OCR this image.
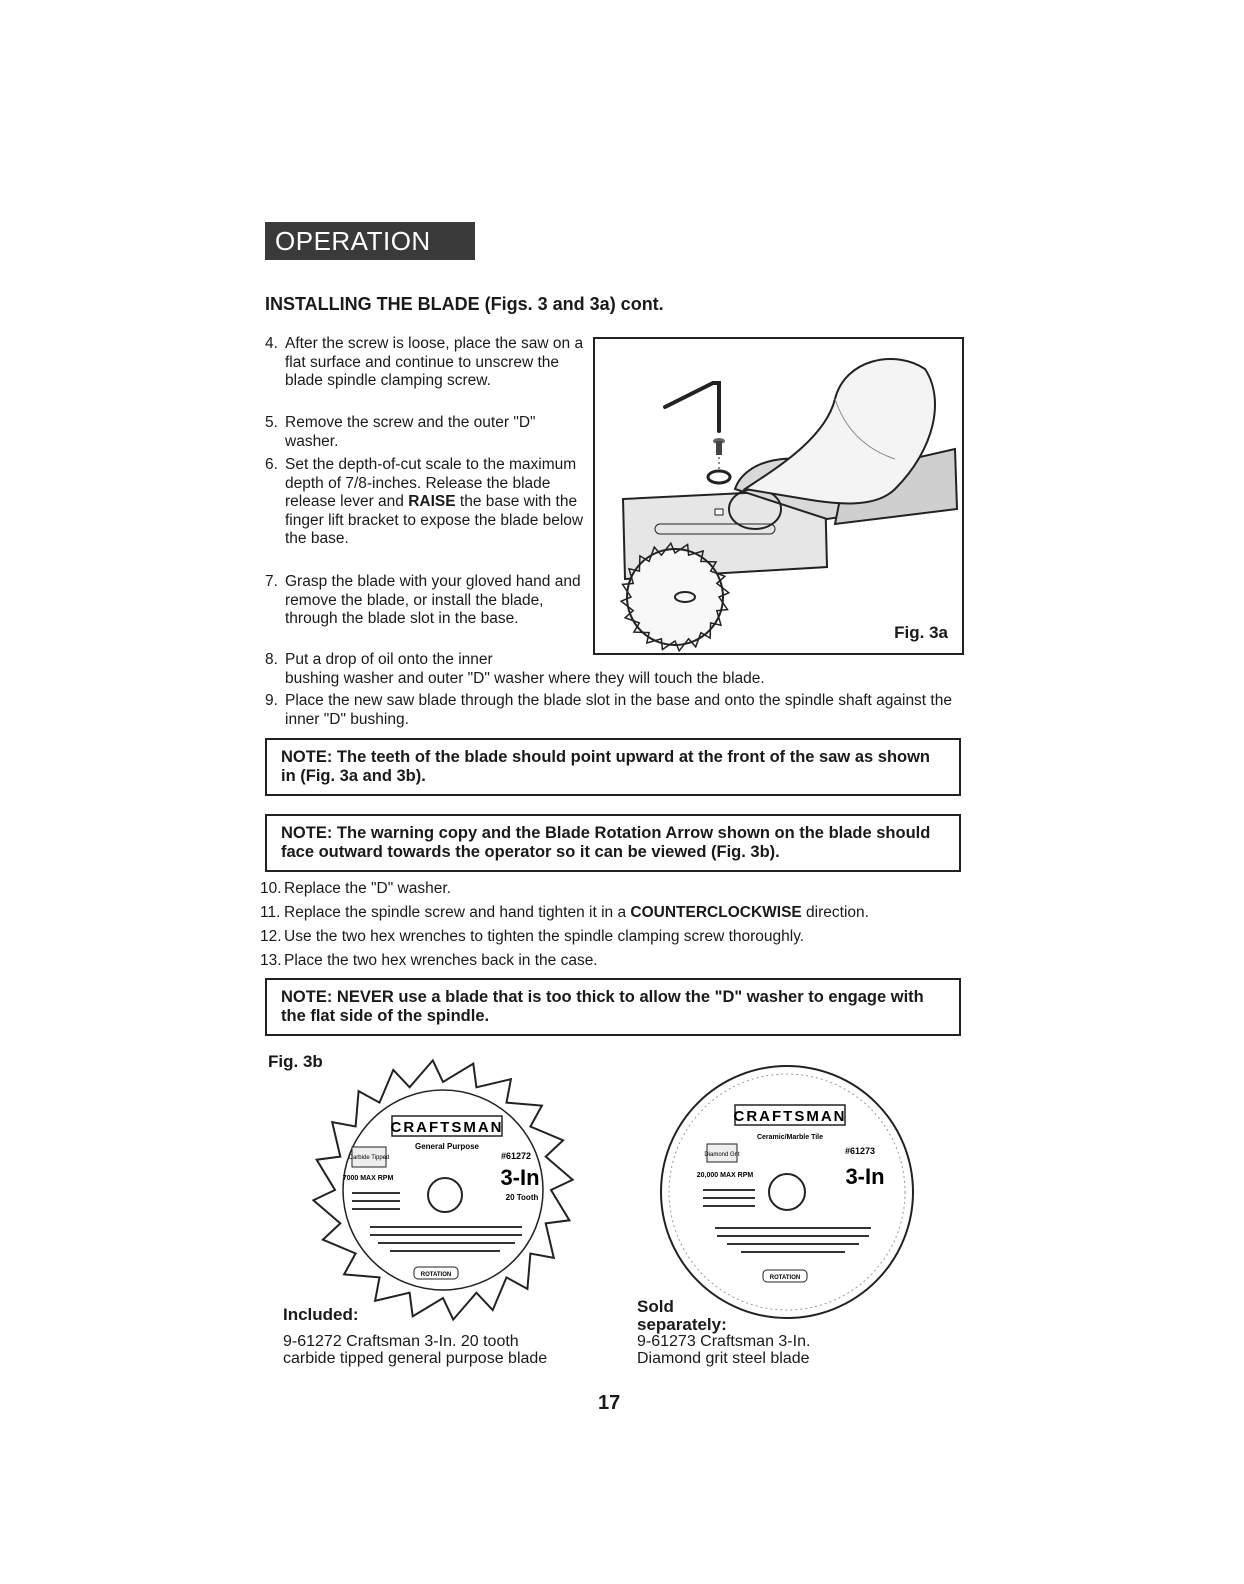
OPERATION cont.
INSTALLING THE BLADE (Figs. 3 and 3a) cont.
4. After the screw is loose, place the saw on a flat surface and continue to unscrew the blade spindle clamping screw.
5. Remove the screw and the outer "D" washer.
6. Set the depth-of-cut scale to the maximum depth of 7/8-inches. Release the blade release lever and RAISE the base with the finger lift bracket to expose the blade below the base.
7. Grasp the blade with your gloved hand and remove the blade, or install the blade, through the blade slot in the base.
8. Put a drop of oil onto the inner
bushing washer and outer "D" washer where they will touch the blade.
9. Place the new saw blade through the blade slot in the base and onto the spindle shaft against the inner "D" bushing.
Fig. 3a
NOTE: The teeth of the blade should point upward at the front of the saw as shown in (Fig. 3a and 3b).
NOTE: The warning copy and the Blade Rotation Arrow shown on the blade should face outward towards the operator so it can be viewed (Fig. 3b).
10. Replace the "D" washer.
11. Replace the spindle screw and hand tighten it in a COUNTERCLOCKWISE direction.
12. Use the two hex wrenches to tighten the spindle clamping screw thoroughly.
13. Place the two hex wrenches back in the case.
NOTE: NEVER use a blade that is too thick to allow the "D" washer to engage with the flat side of the spindle.
Fig. 3b
CRAFTSMAN
General Purpose
Carbide Tipped	#61272
7000 MAX RPM	3-In
20 Tooth
ROTATION
Included:
9-61272 Craftsman 3-In. 20 tooth
carbide tipped general purpose blade
CRAFTSMAN
Ceramic/Marble Tile
Diamond Grit	#61273
20,000 MAX RPM	3-In
ROTATION
Sold
separately:
9-61273 Craftsman 3-In.
Diamond grit steel blade
17
